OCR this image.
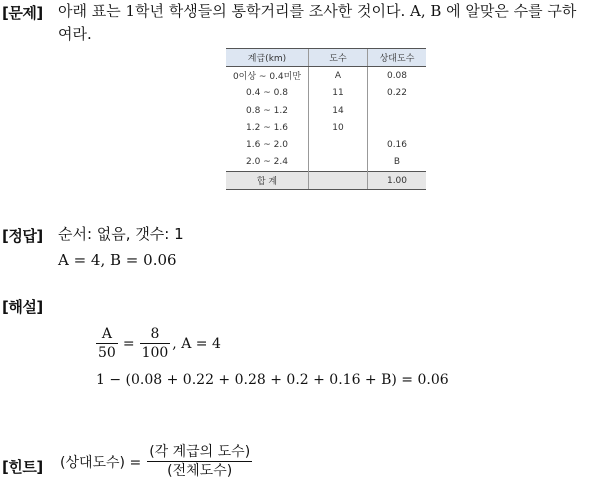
[문제] 아래 표는 1학년 학생들의 통학거리를 조사한 것이다. A, B 에 알맞은 수를 구하
여라.
계급(km)	도수	상대도수
0이상 ~ 0.4미만	A	0.08
0.4 ~ 0.8	11	0.22
0.8 ~ 1.2	14	
1.2 ~ 1.6	10	
1.6 ~ 2.0		0.16
2.0 ~ 2.4		B
합 계		1.00
[정답] 순서: 없음, 갯수: 1
A = 4, B = 0.06
[해설]
$\frac{A}{50} = \frac{8}{100}$ , A = 4
1 − (0.08 + 0.22 + 0.28 + 0.2 + 0.16 + B) = 0.06
[힌트] (상대도수) = $\frac{\text{(각 계급의 도수)}}{\text{(전체도수)}}$
